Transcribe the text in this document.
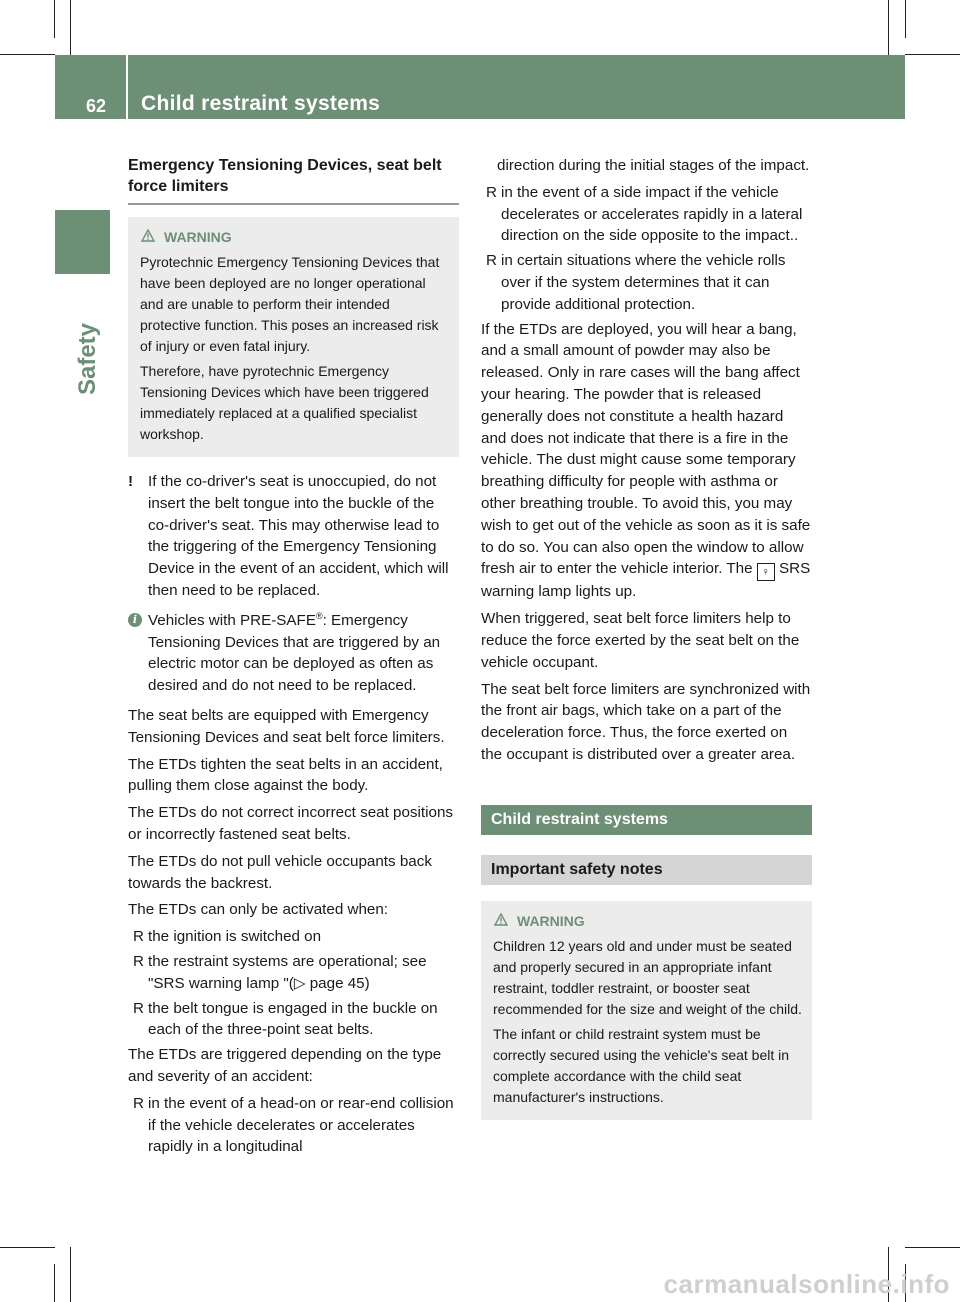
62 Child restraint systems
Safety
Emergency Tensioning Devices, seat belt force limiters

WARNING

Pyrotechnic Emergency Tensioning Devices that have been deployed are no longer operational and are unable to perform their intended protective function. This poses an increased risk of injury or even fatal injury.

Therefore, have pyrotechnic Emergency Tensioning Devices which have been triggered immediately replaced at a qualified specialist workshop.

! If the co-driver's seat is unoccupied, do not insert the belt tongue into the buckle of the co-driver's seat. This may otherwise lead to the triggering of the Emergency Tensioning Device in the event of an accident, which will then need to be replaced.

i Vehicles with PRE-SAFE®: Emergency Tensioning Devices that are triggered by an electric motor can be deployed as often as desired and do not need to be replaced.

The seat belts are equipped with Emergency Tensioning Devices and seat belt force limiters.

The ETDs tighten the seat belts in an accident, pulling them close against the body.

The ETDs do not correct incorrect seat positions or incorrectly fastened seat belts.

The ETDs do not pull vehicle occupants back towards the backrest.

The ETDs can only be activated when:

R the ignition is switched on

R the restraint systems are operational; see "SRS warning lamp "(▷ page 45)

R the belt tongue is engaged in the buckle on each of the three-point seat belts.

The ETDs are triggered depending on the type and severity of an accident:

R in the event of a head-on or rear-end collision if the vehicle decelerates or accelerates rapidly in a longitudinal

direction during the initial stages of the impact.

R in the event of a side impact if the vehicle decelerates or accelerates rapidly in a lateral direction on the side opposite to the impact..

R in certain situations where the vehicle rolls over if the system determines that it can provide additional protection.

If the ETDs are deployed, you will hear a bang, and a small amount of powder may also be released. Only in rare cases will the bang affect your hearing. The powder that is released generally does not constitute a health hazard and does not indicate that there is a fire in the vehicle. The dust might cause some temporary breathing difficulty for people with asthma or other breathing trouble. To avoid this, you may wish to get out of the vehicle as soon as it is safe to do so. You can also open the window to allow fresh air to enter the vehicle interior. The ♀ SRS warning lamp lights up.

When triggered, seat belt force limiters help to reduce the force exerted by the seat belt on the vehicle occupant.

The seat belt force limiters are synchronized with the front air bags, which take on a part of the deceleration force. Thus, the force exerted on the occupant is distributed over a greater area.

Child restraint systems
Important safety notes

WARNING

Children 12 years old and under must be seated and properly secured in an appropriate infant restraint, toddler restraint, or booster seat recommended for the size and weight of the child.

The infant or child restraint system must be correctly secured using the vehicle's seat belt in complete accordance with the child seat manufacturer's instructions.

carmanualsonline.info
